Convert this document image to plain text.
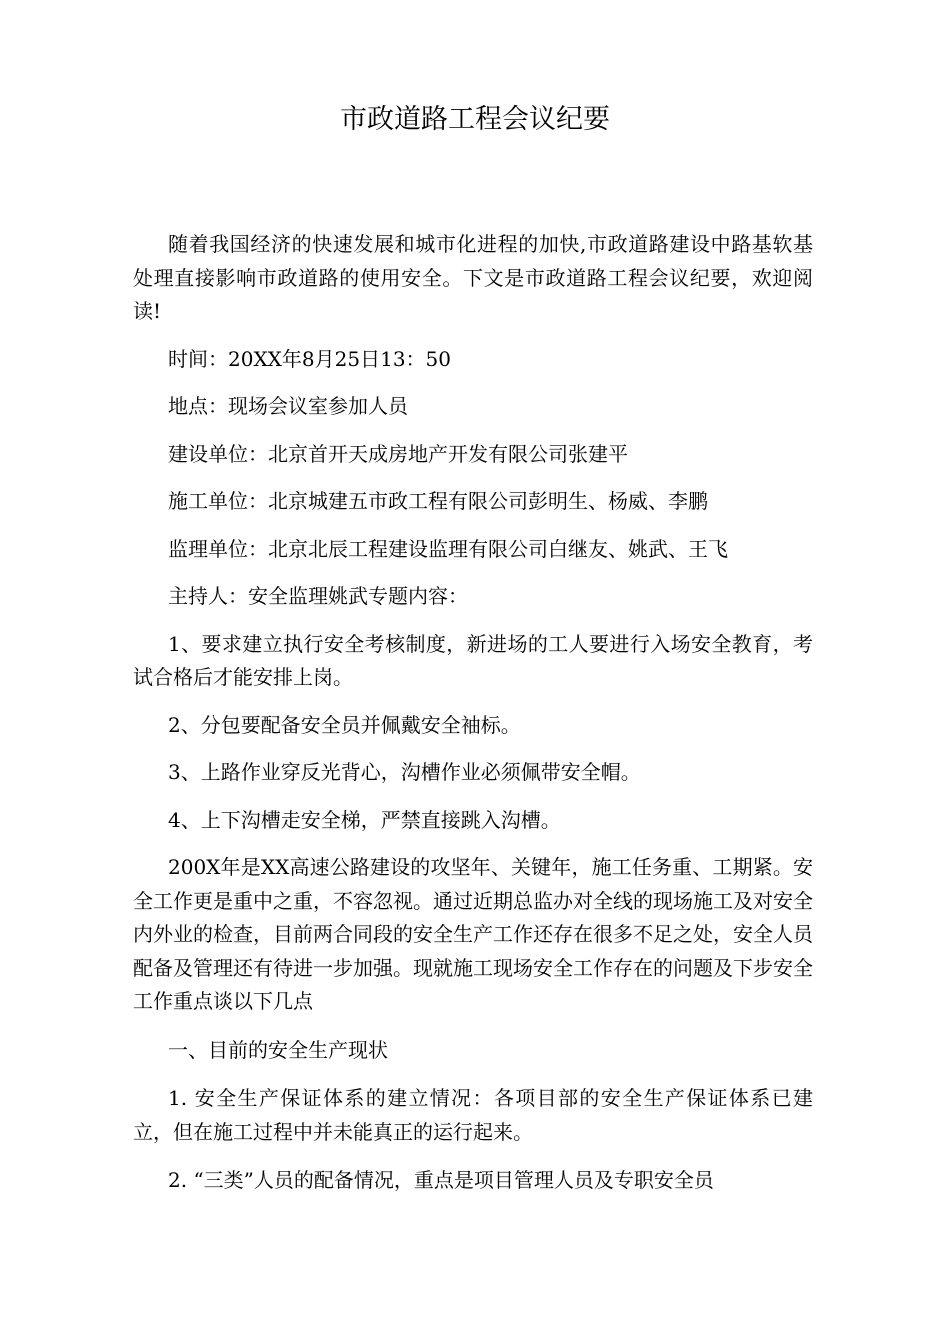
市政道路工程会议纪要

随着我国经济的快速发展和城市化进程的加快,市政道路建设中路基软基处理直接影响市政道路的使用安全。下文是市政道路工程会议纪要，欢迎阅读!

时间：20XX年8月25日13：50

地点：现场会议室参加人员

建设单位：北京首开天成房地产开发有限公司张建平

施工单位：北京城建五市政工程有限公司彭明生、杨威、李鹏

监理单位：北京北辰工程建设监理有限公司白继友、姚武、王飞

主持人：安全监理姚武专题内容：

1、要求建立执行安全考核制度，新进场的工人要进行入场安全教育，考试合格后才能安排上岗。

2、分包要配备安全员并佩戴安全袖标。

3、上路作业穿反光背心，沟槽作业必须佩带安全帽。

4、上下沟槽走安全梯，严禁直接跳入沟槽。

200X年是XX高速公路建设的攻坚年、关键年，施工任务重、工期紧。安全工作更是重中之重，不容忽视。通过近期总监办对全线的现场施工及对安全内外业的检查，目前两合同段的安全生产工作还存在很多不足之处，安全人员配备及管理还有待进一步加强。现就施工现场安全工作存在的问题及下步安全工作重点谈以下几点

一、目前的安全生产现状

1. 安全生产保证体系的建立情况：各项目部的安全生产保证体系已建立，但在施工过程中并未能真正的运行起来。

2. “三类”人员的配备情况，重点是项目管理人员及专职安全员
